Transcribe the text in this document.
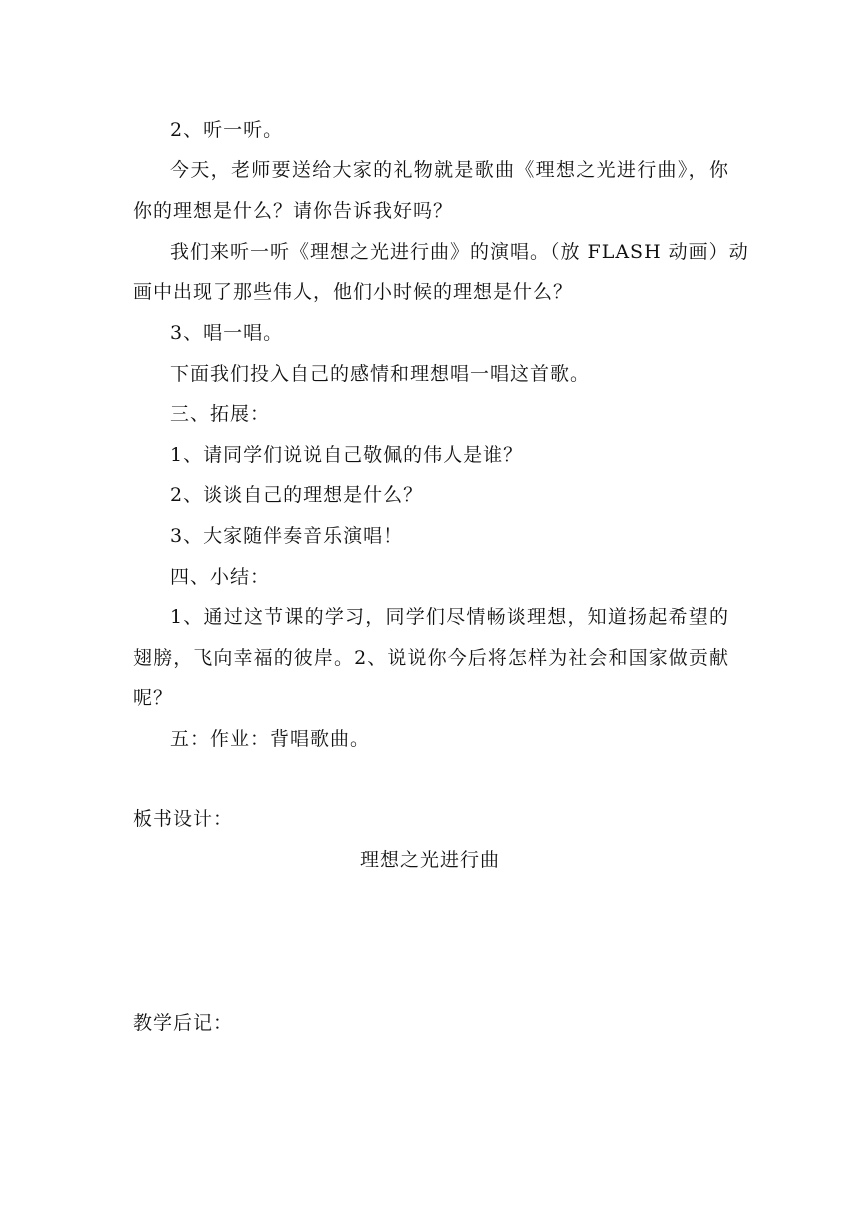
2、听一听。
今天，老师要送给大家的礼物就是歌曲《理想之光进行曲》，你
你的理想是什么？请你告诉我好吗？
我们来听一听《理想之光进行曲》的演唱。（放 FLASH 动画）动
画中出现了那些伟人，他们小时候的理想是什么？
3、唱一唱。
下面我们投入自己的感情和理想唱一唱这首歌。
三、拓展：
1、请同学们说说自己敬佩的伟人是谁？
2、谈谈自己的理想是什么？
3、大家随伴奏音乐演唱！
四、小结：
1、通过这节课的学习，同学们尽情畅谈理想，知道扬起希望的
翅膀，飞向幸福的彼岸。2、说说你今后将怎样为社会和国家做贡献
呢？
五：作业：背唱歌曲。
板书设计：
理想之光进行曲
教学后记：
